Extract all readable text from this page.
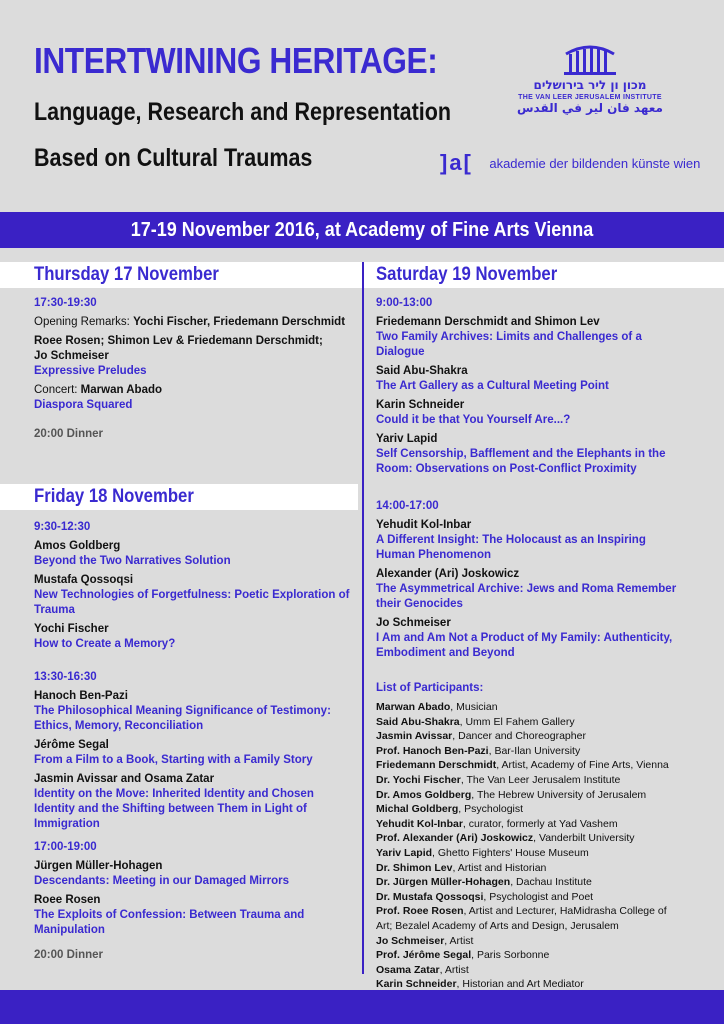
INTERTWINING HERITAGE:
Language, Research and Representation
Based on Cultural Traumas
מכון ון ליר בירושלים
THE VAN LEER JERUSALEM INSTITUTE
معهد فان لير في القدس
]a[ akademie der bildenden künste wien
17-19 November 2016, at Academy of Fine Arts Vienna
Thursday 17 November
Friday 18 November
Saturday 19 November
17:30-19:30
Opening Remarks: Yochi Fischer, Friedemann Derschmidt
Roee Rosen; Shimon Lev & Friedemann Derschmidt;
Jo Schmeiser
Expressive Preludes
Concert: Marwan Abado
Diaspora Squared
20:00 Dinner
9:30-12:30
Amos Goldberg
Beyond the Two Narratives Solution
Mustafa Qossoqsi
New Technologies of Forgetfulness: Poetic Exploration of Trauma
Yochi Fischer
How to Create a Memory?
13:30-16:30
Hanoch Ben-Pazi
The Philosophical Meaning Significance of Testimony: Ethics, Memory, Reconciliation
Jérôme Segal
From a Film to a Book, Starting with a Family Story
Jasmin Avissar and Osama Zatar
Identity on the Move: Inherited Identity and Chosen Identity and the Shifting between Them in Light of Immigration
17:00-19:00
Jürgen Müller-Hohagen
Descendants: Meeting in our Damaged Mirrors
Roee Rosen
The Exploits of Confession: Between Trauma and Manipulation
20:00 Dinner
9:00-13:00
Friedemann Derschmidt and Shimon Lev
Two Family Archives: Limits and Challenges of a Dialogue
Said Abu-Shakra
The Art Gallery as a Cultural Meeting Point
Karin Schneider
Could it be that You Yourself Are...?
Yariv Lapid
Self Censorship, Bafflement and the Elephants in the Room: Observations on Post-Conflict Proximity
14:00-17:00
Yehudit Kol-Inbar
A Different Insight: The Holocaust as an Inspiring Human Phenomenon
Alexander (Ari) Joskowicz
The Asymmetrical Archive: Jews and Roma Remember their Genocides
Jo Schmeiser
I Am and Am Not a Product of My Family: Authenticity, Embodiment and Beyond
List of Participants:
Marwan Abado, Musician
Said Abu-Shakra, Umm El Fahem Gallery
Jasmin Avissar, Dancer and Choreographer
Prof. Hanoch Ben-Pazi, Bar-Ilan University
Friedemann Derschmidt, Artist, Academy of Fine Arts, Vienna
Dr. Yochi Fischer, The Van Leer Jerusalem Institute
Dr. Amos Goldberg, The Hebrew University of Jerusalem
Michal Goldberg, Psychologist
Yehudit Kol-Inbar, curator, formerly at Yad Vashem
Prof. Alexander (Ari) Joskowicz, Vanderbilt University
Yariv Lapid, Ghetto Fighters' House Museum
Dr. Shimon Lev, Artist and Historian
Dr. Jürgen Müller-Hohagen, Dachau Institute
Dr. Mustafa Qossoqsi, Psychologist and Poet
Prof. Roee Rosen, Artist and Lecturer, HaMidrasha College of Art; Bezalel Academy of Arts and Design, Jerusalem
Jo Schmeiser, Artist
Prof. Jérôme Segal, Paris Sorbonne
Osama Zatar, Artist
Karin Schneider, Historian and Art Mediator
